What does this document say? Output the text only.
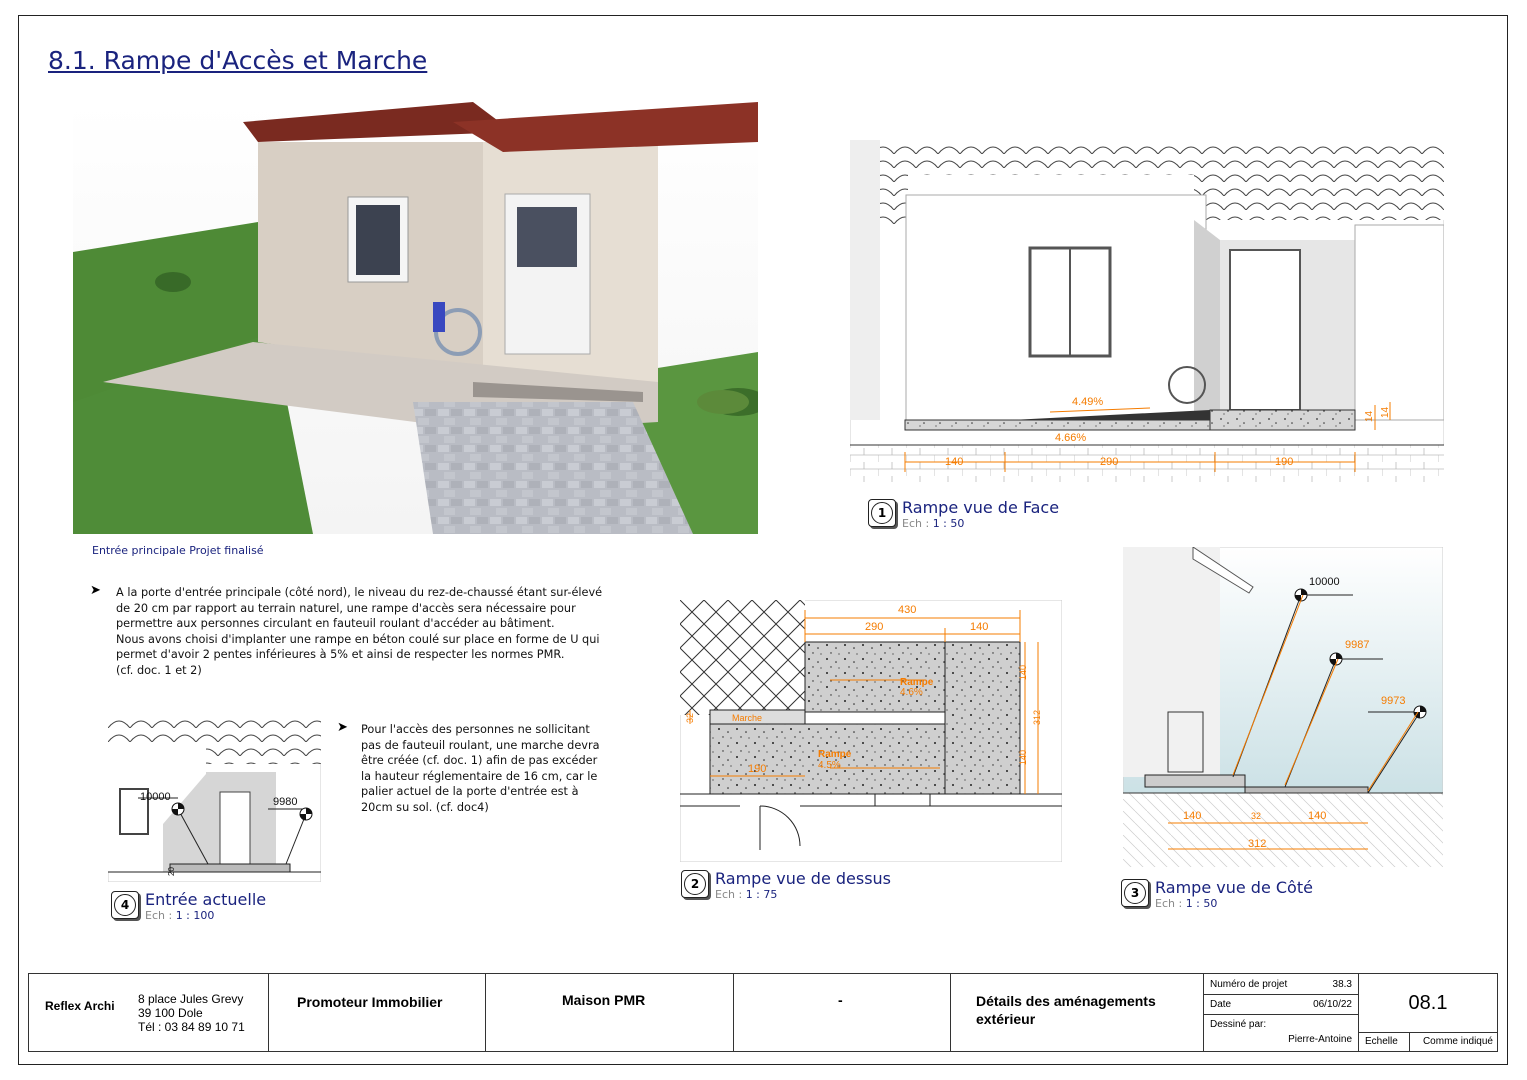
8.1. Rampe d'Accès et Marche
Entrée principale Projet finalisé
➤ A la porte d'entrée principale (côté nord), le niveau du rez-de-chaussé étant sur-élevé
de 20 cm par rapport au terrain naturel, une rampe d'accès sera nécessaire pour
permettre aux personnes circulant en fauteuil roulant d'accéder au bâtiment.
Nous avons choisi d'implanter une rampe en béton coulé sur place en forme de U qui
permet d'avoir 2 pentes inférieures à 5% et ainsi de respecter les normes PMR.
(cf. doc. 1 et 2)
➤ Pour l'accès des personnes ne sollicitant
pas de fauteuil roulant, une marche devra
être créée (cf. doc. 1) afin de pas excéder
la hauteur réglementaire de 16 cm, car le
palier actuel de la porte d'entrée est à
20cm su sol. (cf. doc4)
4.49%
4.66%
140	290	190
14 14
1 Rampe vue de Face
Ech : 1 : 50
430
290	140
140
312
140
32
190
Marche
Rampe
4.6%
Rampe
4.5%
2 Rampe vue de dessus
Ech : 1 : 75
10000
9987
9973
140	32	140
312
3 Rampe vue de Côté
Ech : 1 : 50
10000	9980
20
4 Entrée actuelle
Ech : 1 : 100
Reflex Archi 8 place Jules Grevy
39 100 Dole
Tél : 03 84 89 10 71
Promoteur Immobilier	Maison PMR	-	Détails des aménagements
extérieur
Numéro de projet	38.3
Date	06/10/22
Dessiné par:
Pierre-Antoine
08.1
Echelle	Comme indiqué
